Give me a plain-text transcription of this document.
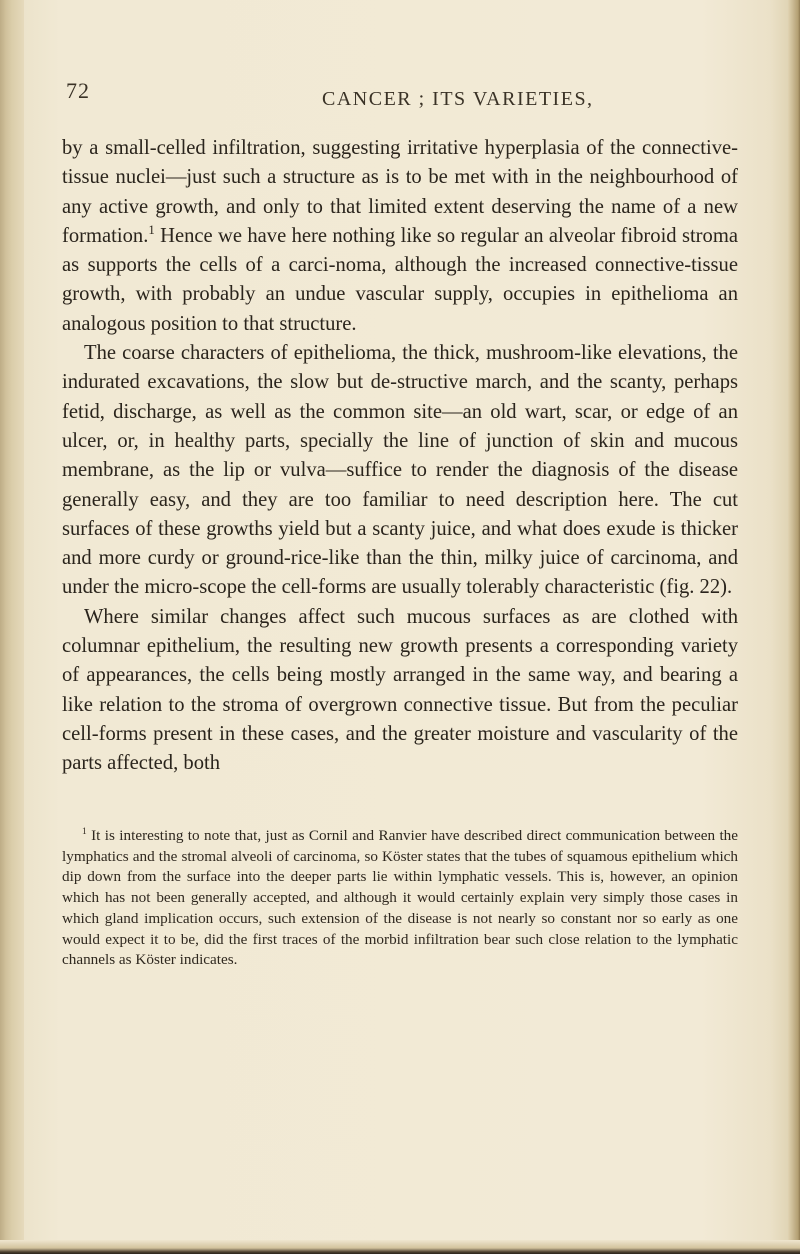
72	CANCER ; ITS VARIETIES,

by a small-celled infiltration, suggesting irritative hyperplasia of the connective-tissue nuclei—just such a structure as is to be met with in the neighbourhood of any active growth, and only to that limited extent deserving the name of a new formation.$^1$ Hence we have here nothing like so regular an alveolar fibroid stroma as supports the cells of a carci-noma, although the increased connective-tissue growth, with probably an undue vascular supply, occupies in epithelioma an analogous position to that structure.

The coarse characters of epithelioma, the thick, mushroom-like elevations, the indurated excavations, the slow but de-structive march, and the scanty, perhaps fetid, discharge, as well as the common site—an old wart, scar, or edge of an ulcer, or, in healthy parts, specially the line of junction of skin and mucous membrane, as the lip or vulva—suffice to render the diagnosis of the disease generally easy, and they are too familiar to need description here. The cut surfaces of these growths yield but a scanty juice, and what does exude is thicker and more curdy or ground-rice-like than the thin, milky juice of carcinoma, and under the micro-scope the cell-forms are usually tolerably characteristic (fig. 22).

Where similar changes affect such mucous surfaces as are clothed with columnar epithelium, the resulting new growth presents a corresponding variety of appearances, the cells being mostly arranged in the same way, and bearing a like relation to the stroma of overgrown connective tissue. But from the peculiar cell-forms present in these cases, and the greater moisture and vascularity of the parts affected, both

$^1$ It is interesting to note that, just as Cornil and Ranvier have described direct communication between the lymphatics and the stromal alveoli of carcinoma, so Köster states that the tubes of squamous epithelium which dip down from the surface into the deeper parts lie within lymphatic vessels. This is, however, an opinion which has not been generally accepted, and although it would certainly explain very simply those cases in which gland implication occurs, such extension of the disease is not nearly so constant nor so early as one would expect it to be, did the first traces of the morbid infiltration bear such close relation to the lymphatic channels as Köster indicates.
